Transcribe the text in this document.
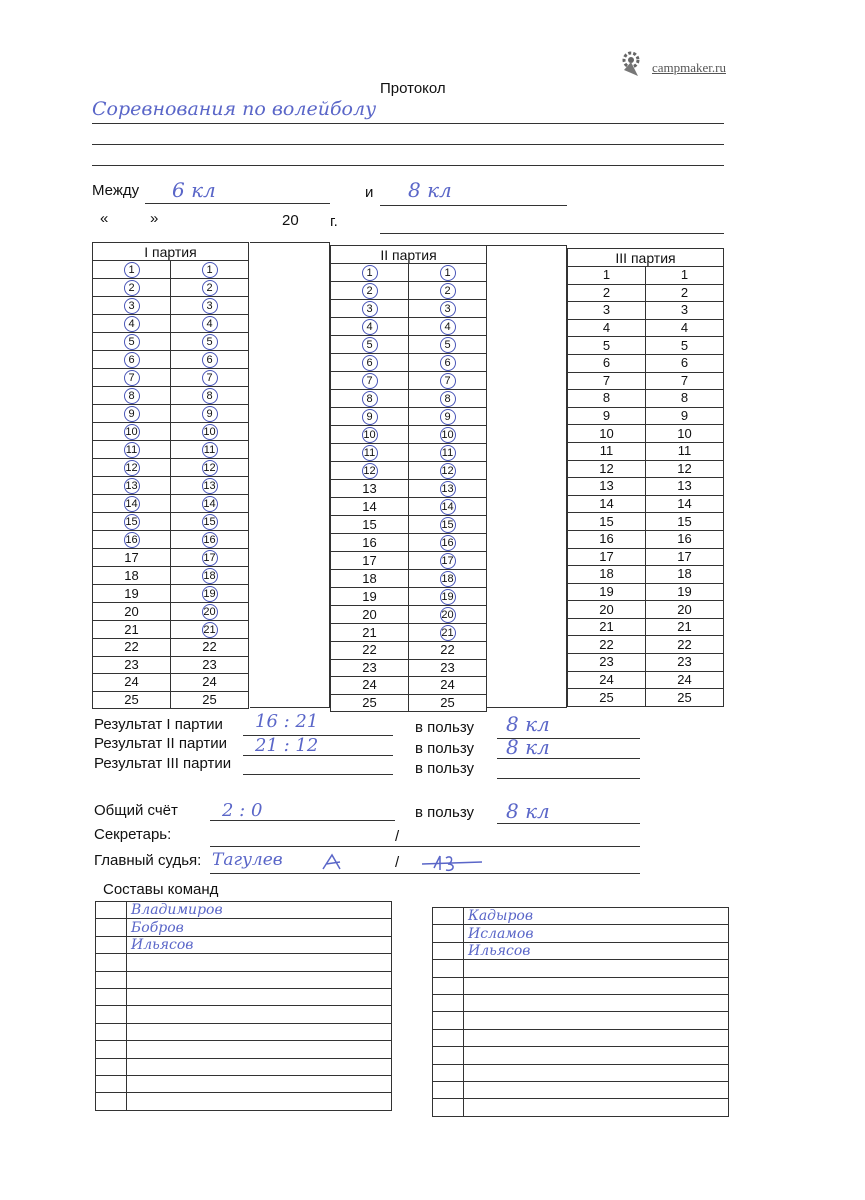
campmaker.ru
Протокол
Соревнования по волейболу
Между 6 кл	и 8 кл
«	»	20 г.
I партия	
1	1
2	2
3	3
4	4
5	5
6	6
7	7
8	8
9	9
10	10
11	11
12	12
13	13
14	14
15	15
16	16
17	17
18	18
19	19
20	20
21	21
22	22
23	23
24	24
25	25
II партия	
1	1
2	2
3	3
4	4
5	5
6	6
7	7
8	8
9	9
10	10
11	11
12	12
13	13
14	14
15	15
16	16
17	17
18	18
19	19
20	20
21	21
22	22
23	23
24	24
25	25
III партия	
1	1
2	2
3	3
4	4
5	5
6	6
7	7
8	8
9	9
10	10
11	11
12	12
13	13
14	14
15	15
16	16
17	17
18	18
19	19
20	20
21	21
22	22
23	23
24	24
25	25
Результат I партии 16 : 21	в пользу 8 кл
Результат II партии 21 : 12	в пользу 8 кл
Результат III партии	в пользу
Общий счёт 2 : 0	в пользу 8 кл
Секретарь:	/
Главный судья: Тагулев	/
Составы команд
	Владимиров
	Бобров
	Ильясов

	Кадыров
	Исламов
	Ильясов
